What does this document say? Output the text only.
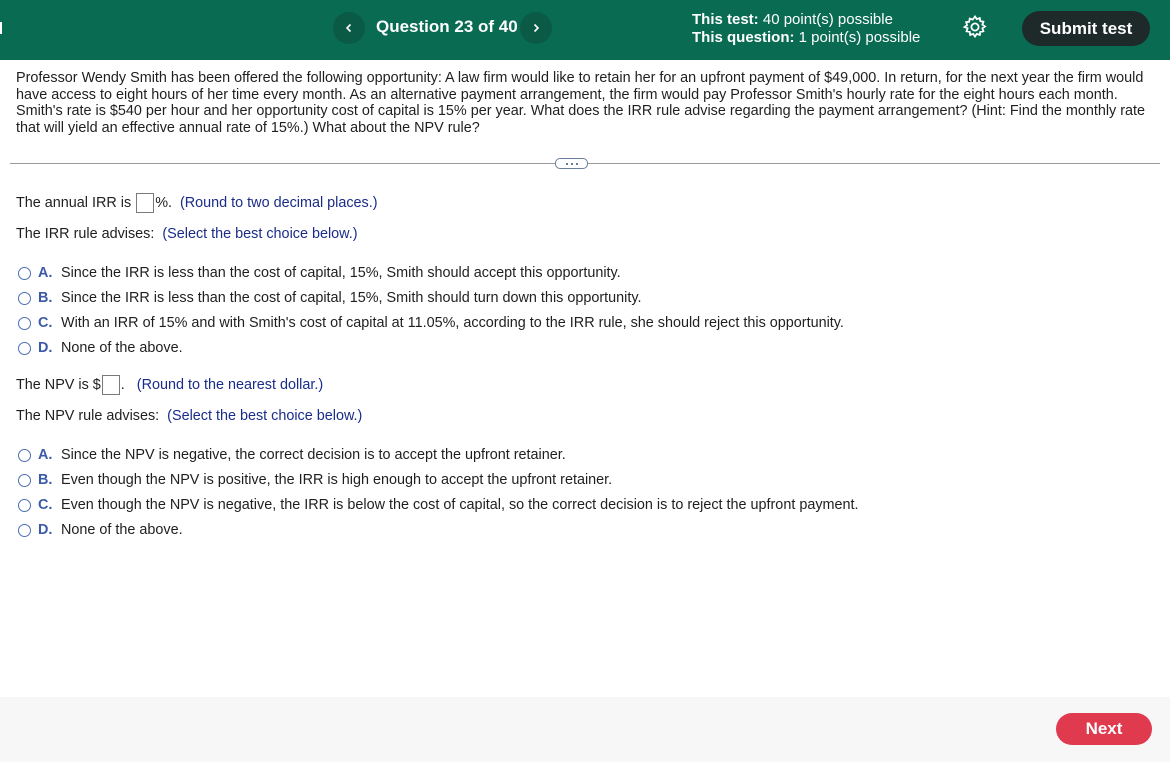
Question 23 of 40	This test: 40 point(s) possible
This question: 1 point(s) possible	Submit test
Professor Wendy Smith has been offered the following opportunity: A law firm would like to retain her for an upfront payment of $49,000. In return, for the next year the firm would have access to eight hours of her time every month. As an alternative payment arrangement, the firm would pay Professor Smith's hourly rate for the eight hours each month. Smith's rate is $540 per hour and her opportunity cost of capital is 15% per year. What does the IRR rule advise regarding the payment arrangement? (Hint: Find the monthly rate that will yield an effective annual rate of 15%.) What about the NPV rule?
The annual IRR is
%.
(Round to two decimal places.)
The IRR rule advises:
(Select the best choice below.)
A. Since the IRR is less than the cost of capital, 15%, Smith should accept this opportunity.
B. Since the IRR is less than the cost of capital, 15%, Smith should turn down this opportunity.
C. With an IRR of 15% and with Smith's cost of capital at 11.05%, according to the IRR rule, she should reject this opportunity.
D. None of the above.
The NPV is $ .
(Round to the nearest dollar.)
The NPV rule advises:
(Select the best choice below.)
A. Since the NPV is negative, the correct decision is to accept the upfront retainer.
B. Even though the NPV is positive, the IRR is high enough to accept the upfront retainer.
C. Even though the NPV is negative, the IRR is below the cost of capital, so the correct decision is to reject the upfront payment.
D. None of the above.
Next
